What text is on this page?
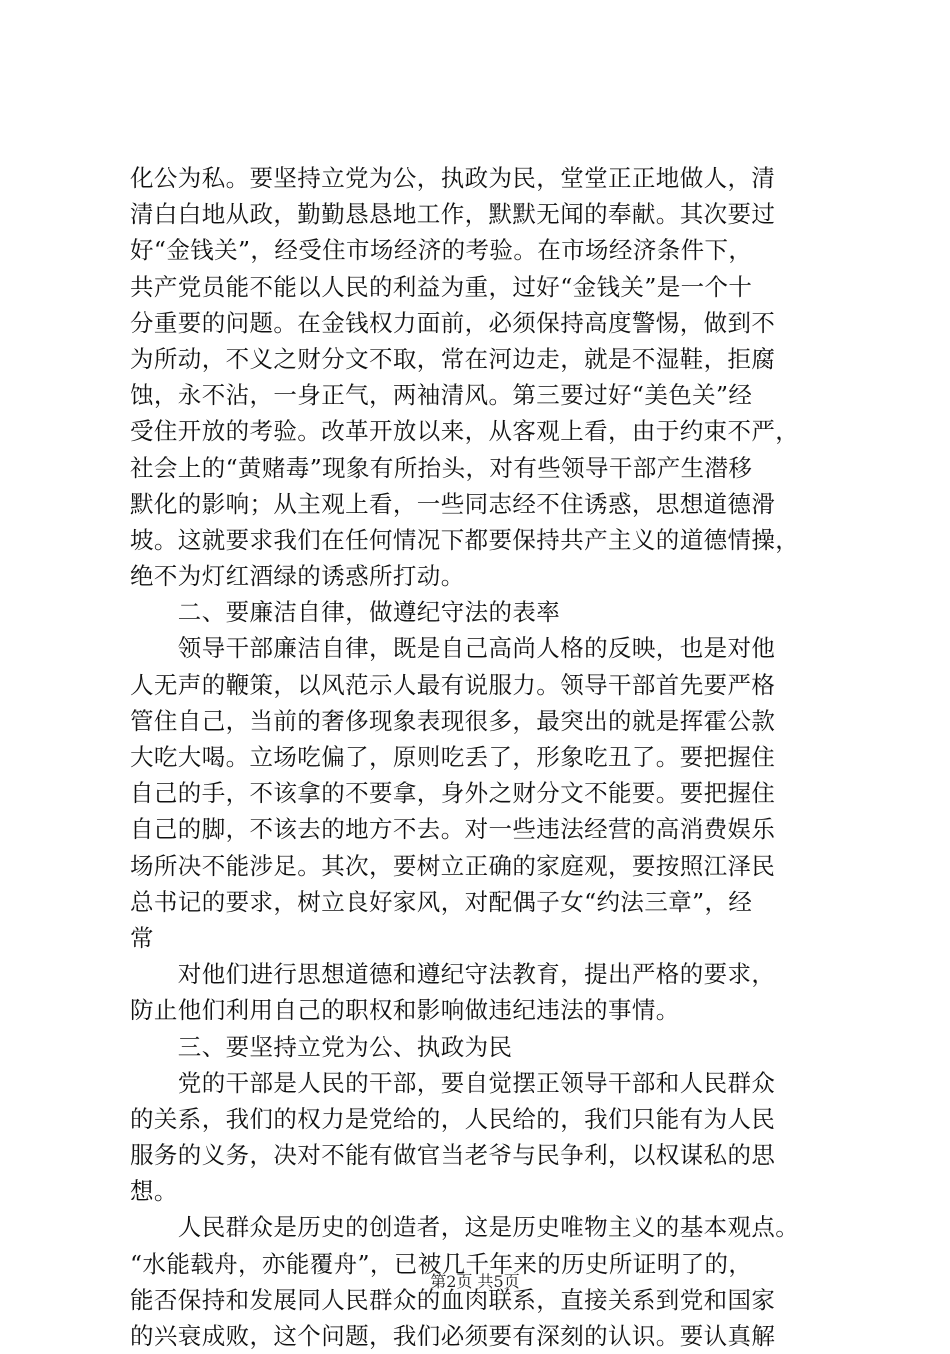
化公为私。要坚持立党为公，执政为民，堂堂正正地做人，清
清白白地从政，勤勤恳恳地工作，默默无闻的奉献。其次要过
好“金钱关”，经受住市场经济的考验。在市场经济条件下，
共产党员能不能以人民的利益为重，过好“金钱关”是一个十
分重要的问题。在金钱权力面前，必须保持高度警惕，做到不
为所动，不义之财分文不取，常在河边走，就是不湿鞋，拒腐
蚀，永不沾，一身正气，两袖清风。第三要过好“美色关”经
受住开放的考验。改革开放以来，从客观上看，由于约束不严，
社会上的“黄赌毒”现象有所抬头，对有些领导干部产生潜移
默化的影响；从主观上看，一些同志经不住诱惑，思想道德滑
坡。这就要求我们在任何情况下都要保持共产主义的道德情操，
绝不为灯红酒绿的诱惑所打动。
　　二、要廉洁自律，做遵纪守法的表率
　　领导干部廉洁自律，既是自己高尚人格的反映，也是对他
人无声的鞭策，以风范示人最有说服力。领导干部首先要严格
管住自己，当前的奢侈现象表现很多，最突出的就是挥霍公款
大吃大喝。立场吃偏了，原则吃丢了，形象吃丑了。要把握住
自己的手，不该拿的不要拿，身外之财分文不能要。要把握住
自己的脚，不该去的地方不去。对一些违法经营的高消费娱乐
场所决不能涉足。其次，要树立正确的家庭观，要按照江泽民
总书记的要求，树立良好家风，对配偶子女“约法三章”，经
常
　　对他们进行思想道德和遵纪守法教育，提出严格的要求，
防止他们利用自己的职权和影响做违纪违法的事情。
　　三、要坚持立党为公、执政为民
　　党的干部是人民的干部，要自觉摆正领导干部和人民群众
的关系，我们的权力是党给的，人民给的，我们只能有为人民
服务的义务，决对不能有做官当老爷与民争利，以权谋私的思
想。
　　人民群众是历史的创造者，这是历史唯物主义的基本观点。
“水能载舟，亦能覆舟”，已被几千年来的历史所证明了的，
能否保持和发展同人民群众的血肉联系，直接关系到党和国家
的兴衰成败，这个问题，我们必须要有深刻的认识。要认真解
第2页 共5页
